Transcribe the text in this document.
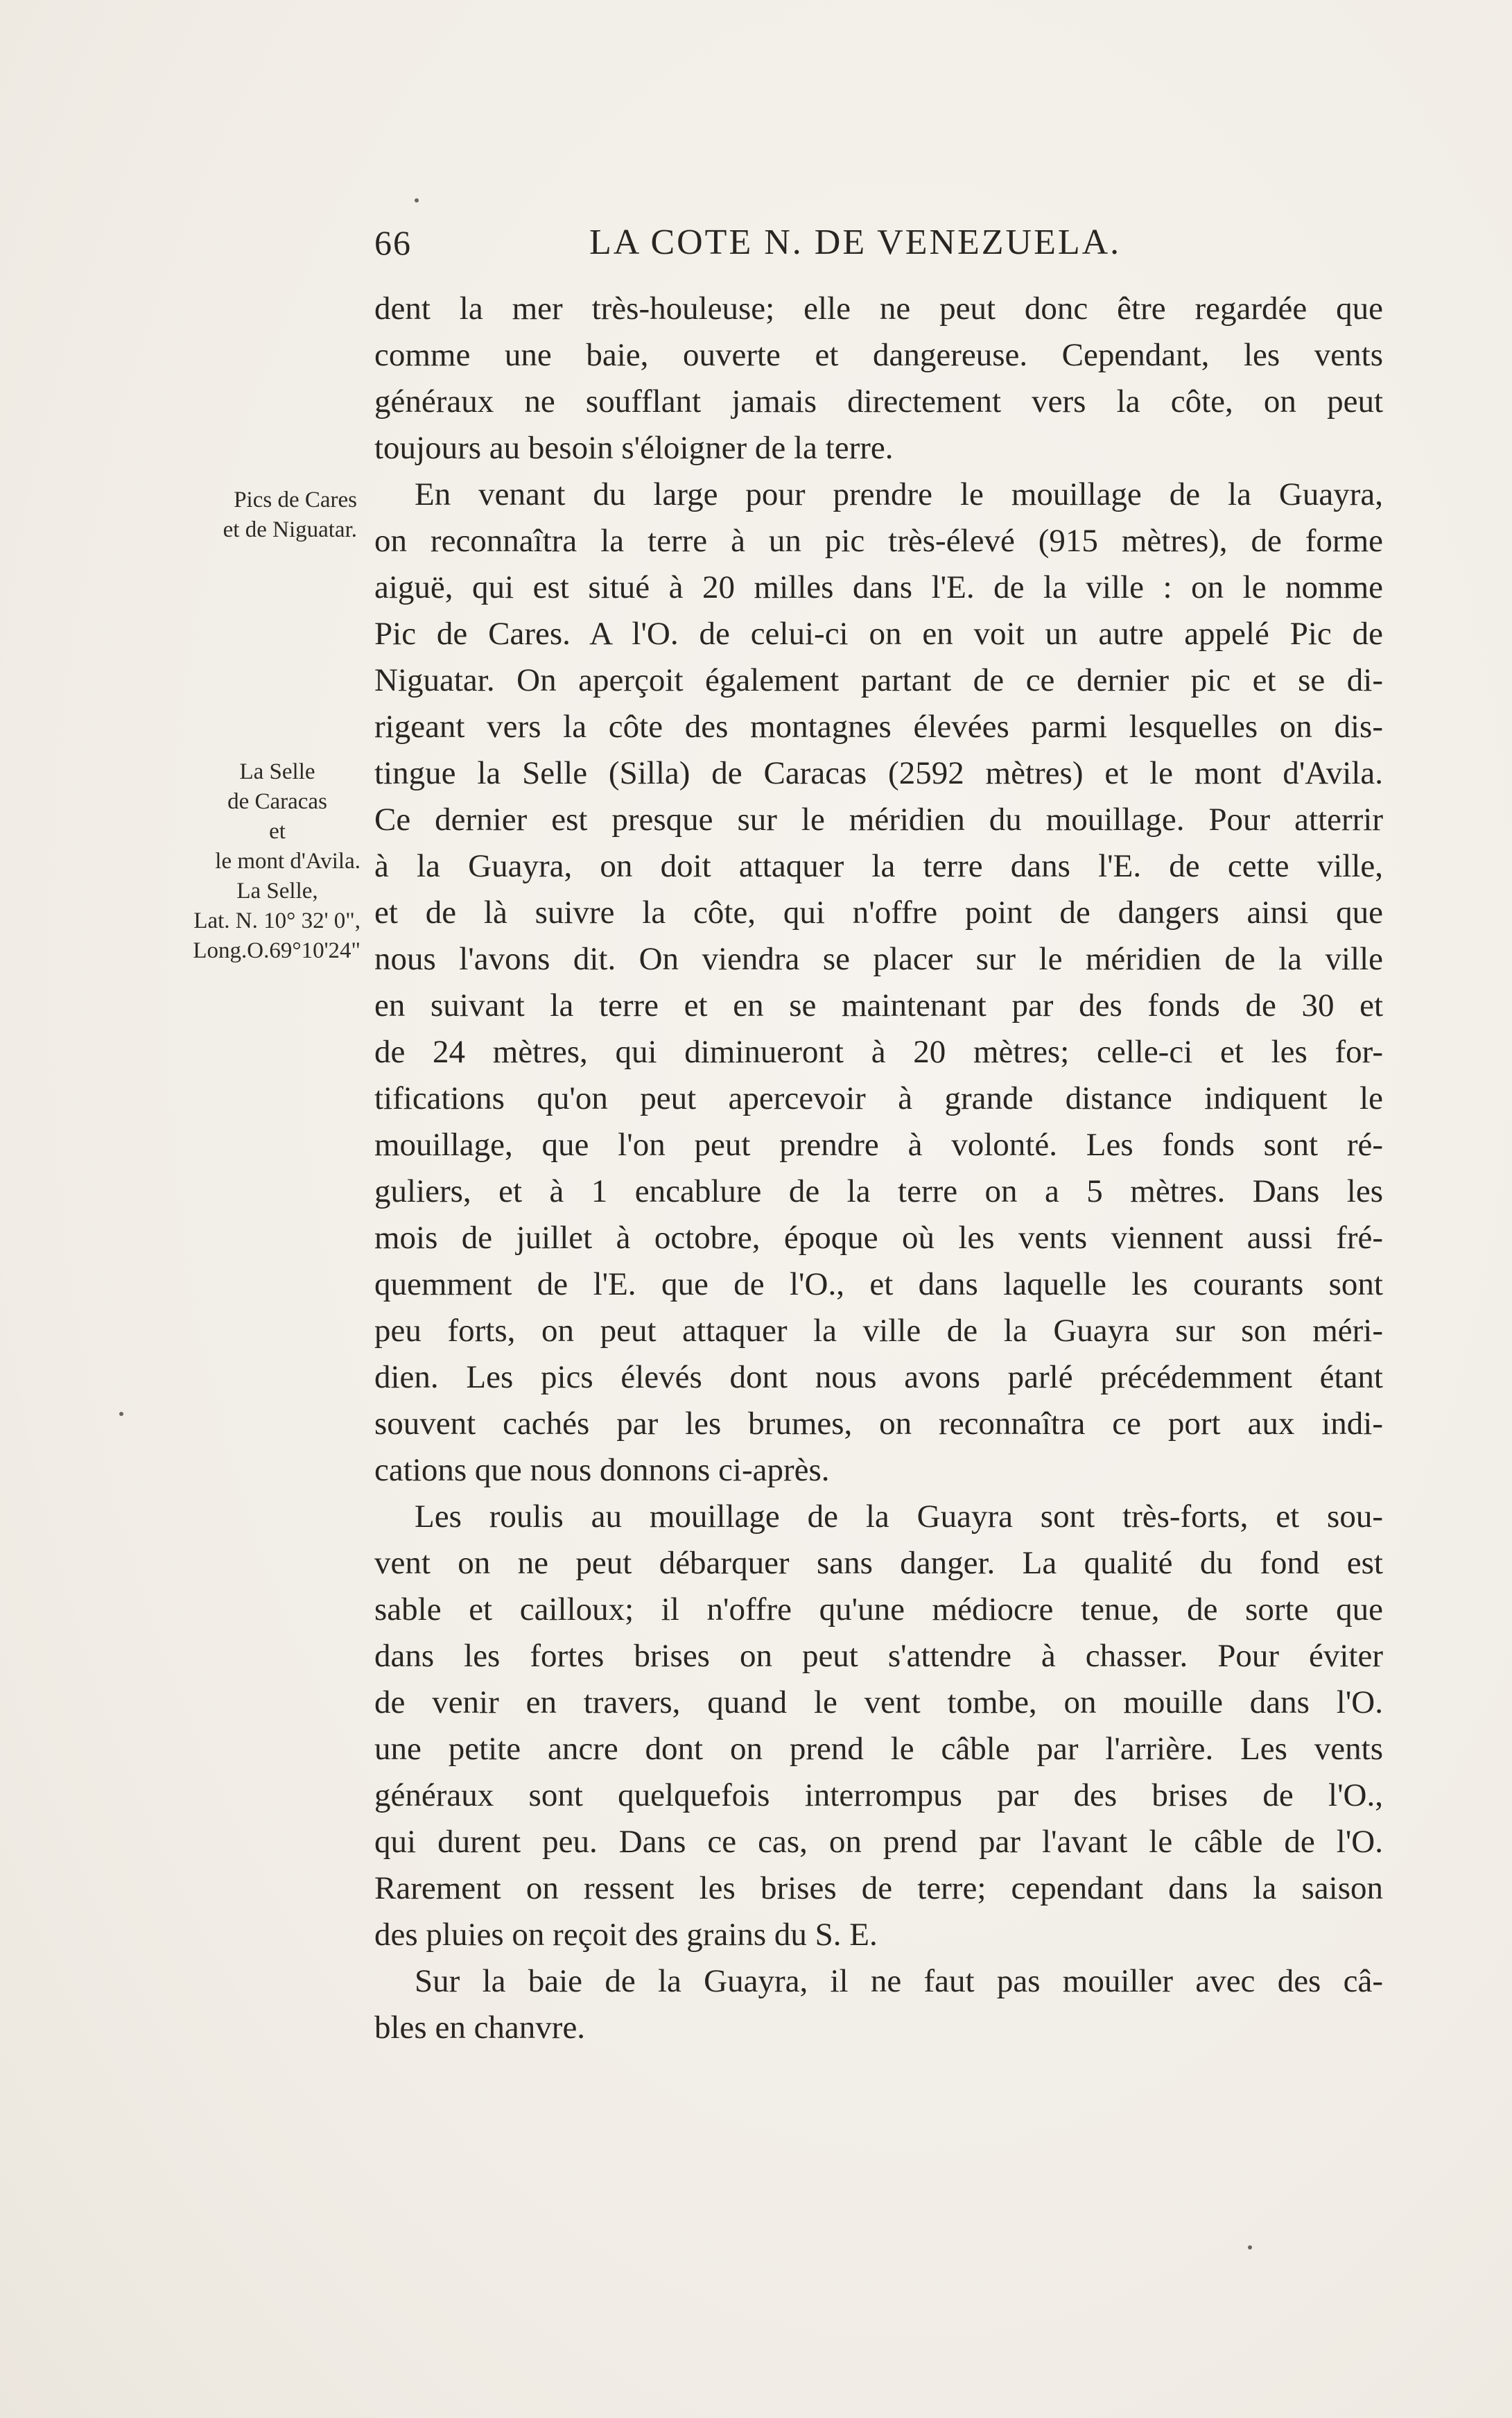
66	LA COTE N. DE VENEZUELA.
Pics de Cares
et de Niguatar.
La Selle
de Caracas
et
le mont d'Avila.
La Selle,
Lat. N. 10° 32' 0",
Long.O.69°10'24"
dent la mer très-houleuse; elle ne peut donc être regardée que
comme une baie, ouverte et dangereuse. Cependant, les vents
généraux ne soufflant jamais directement vers la côte, on peut
toujours au besoin s'éloigner de la terre.
En venant du large pour prendre le mouillage de la Guayra,
on reconnaîtra la terre à un pic très-élevé (915 mètres), de forme
aiguë, qui est situé à 20 milles dans l'E. de la ville : on le nomme
Pic de Cares. A l'O. de celui-ci on en voit un autre appelé Pic de
Niguatar. On aperçoit également partant de ce dernier pic et se di-
rigeant vers la côte des montagnes élevées parmi lesquelles on dis-
tingue la Selle (Silla) de Caracas (2592 mètres) et le mont d'Avila.
Ce dernier est presque sur le méridien du mouillage. Pour atterrir
à la Guayra, on doit attaquer la terre dans l'E. de cette ville,
et de là suivre la côte, qui n'offre point de dangers ainsi que
nous l'avons dit. On viendra se placer sur le méridien de la ville
en suivant la terre et en se maintenant par des fonds de 30 et
de 24 mètres, qui diminueront à 20 mètres; celle-ci et les for-
tifications qu'on peut apercevoir à grande distance indiquent le
mouillage, que l'on peut prendre à volonté. Les fonds sont ré-
guliers, et à 1 encablure de la terre on a 5 mètres. Dans les
mois de juillet à octobre, époque où les vents viennent aussi fré-
quemment de l'E. que de l'O., et dans laquelle les courants sont
peu forts, on peut attaquer la ville de la Guayra sur son méri-
dien. Les pics élevés dont nous avons parlé précédemment étant
souvent cachés par les brumes, on reconnaîtra ce port aux indi-
cations que nous donnons ci-après.
Les roulis au mouillage de la Guayra sont très-forts, et sou-
vent on ne peut débarquer sans danger. La qualité du fond est
sable et cailloux; il n'offre qu'une médiocre tenue, de sorte que
dans les fortes brises on peut s'attendre à chasser. Pour éviter
de venir en travers, quand le vent tombe, on mouille dans l'O.
une petite ancre dont on prend le câble par l'arrière. Les vents
généraux sont quelquefois interrompus par des brises de l'O.,
qui durent peu. Dans ce cas, on prend par l'avant le câble de l'O.
Rarement on ressent les brises de terre; cependant dans la saison
des pluies on reçoit des grains du S. E.
Sur la baie de la Guayra, il ne faut pas mouiller avec des câ-
bles en chanvre.
